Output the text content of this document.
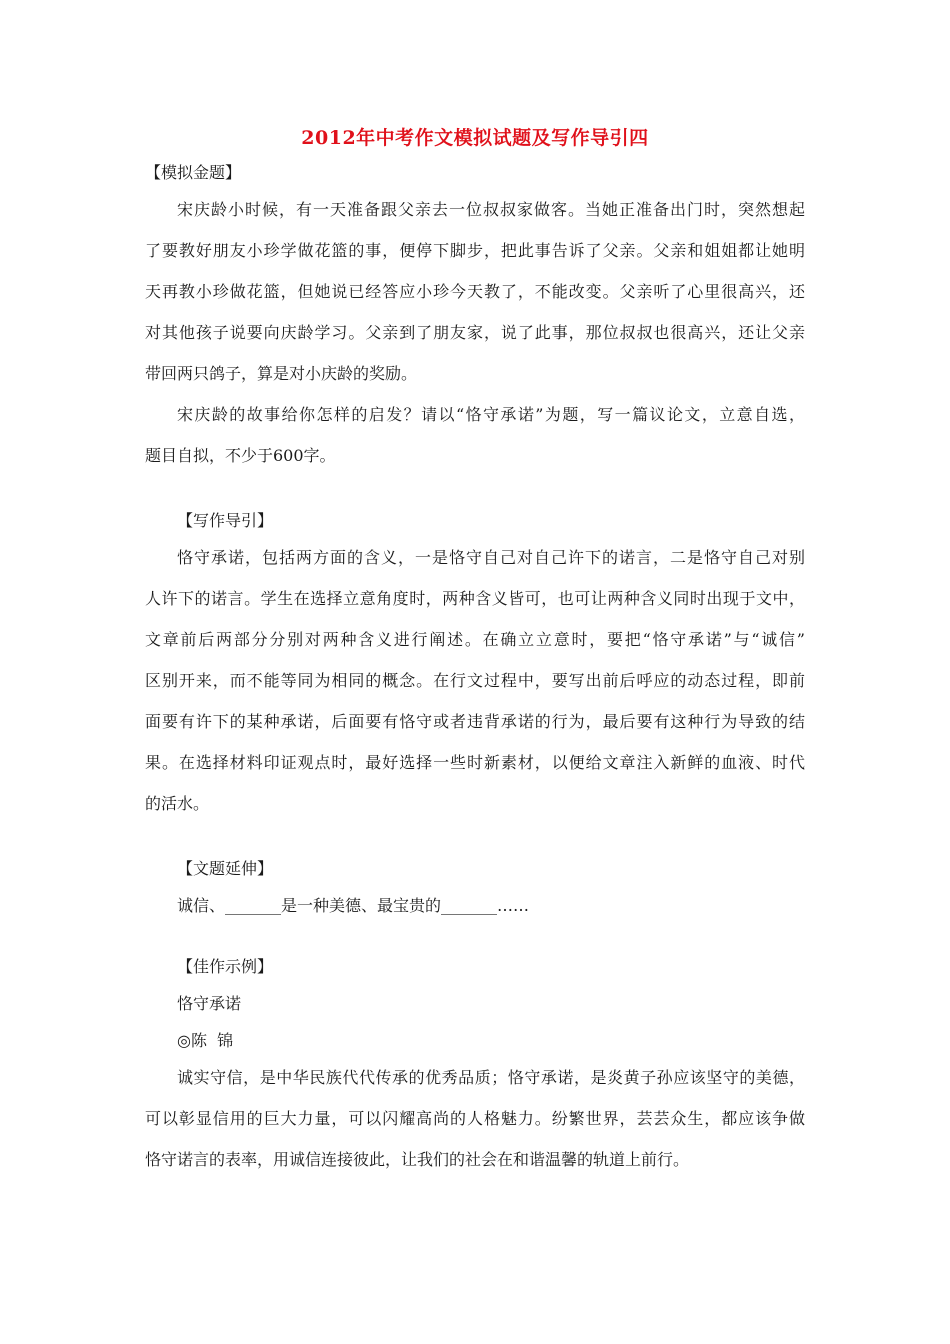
2012年中考作文模拟试题及写作导引四
【模拟金题】
宋庆龄小时候，有一天准备跟父亲去一位叔叔家做客。当她正准备出门时，突然想起
了要教好朋友小珍学做花篮的事，便停下脚步，把此事告诉了父亲。父亲和姐姐都让她明
天再教小珍做花篮，但她说已经答应小珍今天教了，不能改变。父亲听了心里很高兴，还
对其他孩子说要向庆龄学习。父亲到了朋友家，说了此事，那位叔叔也很高兴，还让父亲
带回两只鸽子，算是对小庆龄的奖励。
宋庆龄的故事给你怎样的启发？请以“恪守承诺”为题，写一篇议论文，立意自选，
题目自拟，不少于600字。
【写作导引】
恪守承诺，包括两方面的含义，一是恪守自己对自己许下的诺言，二是恪守自己对别
人许下的诺言。学生在选择立意角度时，两种含义皆可，也可让两种含义同时出现于文中，
文章前后两部分分别对两种含义进行阐述。在确立立意时，要把“恪守承诺”与“诚信”
区别开来，而不能等同为相同的概念。在行文过程中，要写出前后呼应的动态过程，即前
面要有许下的某种承诺，后面要有恪守或者违背承诺的行为，最后要有这种行为导致的结
果。在选择材料印证观点时，最好选择一些时新素材，以便给文章注入新鲜的血液、时代
的活水。
【文题延伸】
诚信、_______是一种美德、最宝贵的_______……
【佳作示例】
恪守承诺
◎陈  锦
诚实守信，是中华民族代代传承的优秀品质；恪守承诺，是炎黄子孙应该坚守的美德，
可以彰显信用的巨大力量，可以闪耀高尚的人格魅力。纷繁世界，芸芸众生，都应该争做
恪守诺言的表率，用诚信连接彼此，让我们的社会在和谐温馨的轨道上前行。
